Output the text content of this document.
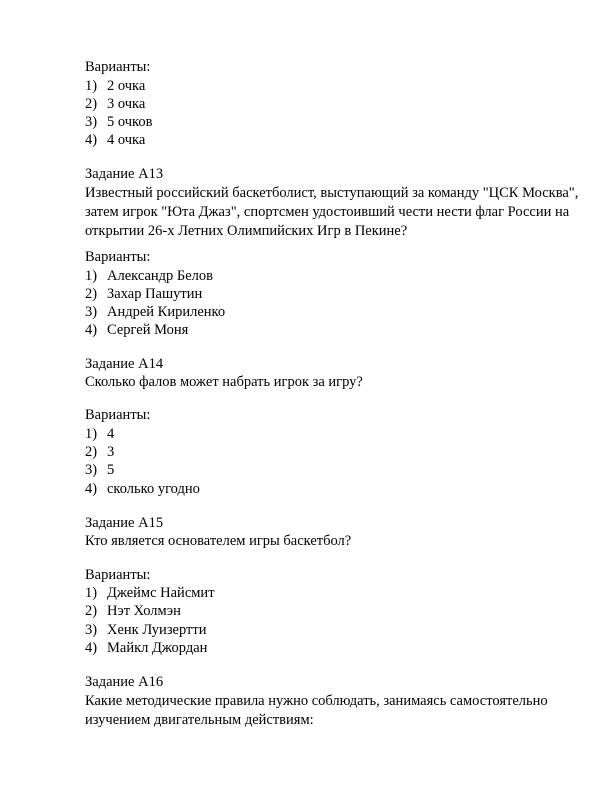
Варианты:
1) 2 очка
2) 3 очка
3) 5 очков
4) 4 очка
Задание А13
Известный российский баскетболист, выступающий за команду "ЦСК Москва",
затем игрок "Юта Джаз", спортсмен удостоивший чести нести флаг России на
открытии 26-х Летних Олимпийских Игр в Пекине?
Варианты:
1) Александр Белов
2) Захар Пашутин
3) Андрей Кириленко
4) Сергей Моня
Задание А14
Сколько фалов может набрать игрок за игру?
Варианты:
1) 4
2) 3
3) 5
4) сколько угодно
Задание А15
Кто является основателем игры баскетбол?
Варианты:
1) Джеймс Найсмит
2) Нэт Холмэн
3) Хенк Луизертти
4) Майкл Джордан
Задание А16
Какие методические правила нужно соблюдать, занимаясь самостоятельно
изучением двигательным действиям:
